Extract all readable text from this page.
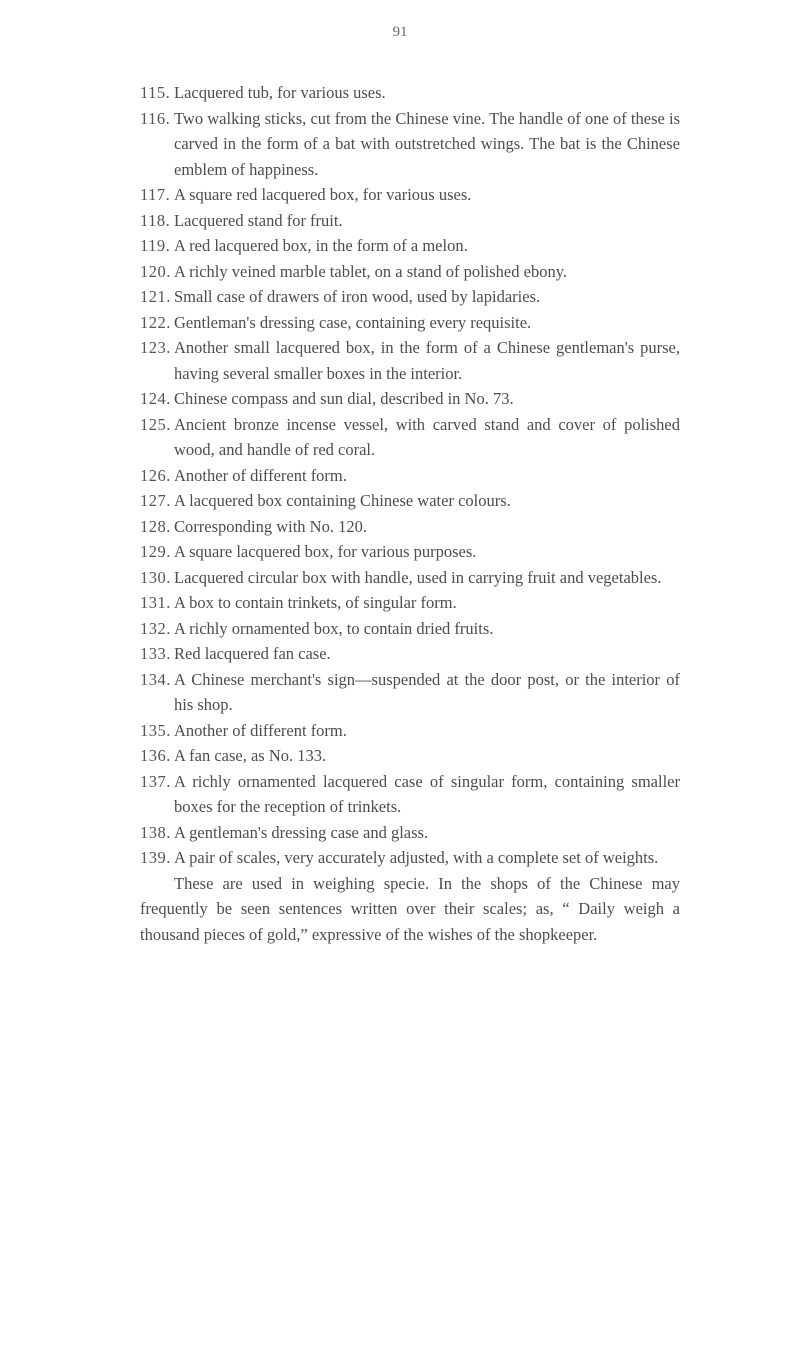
91

115. Lacquered tub, for various uses.

116. Two walking sticks, cut from the Chinese vine. The handle of one of these is carved in the form of a bat with outstretched wings. The bat is the Chinese emblem of happiness.

117. A square red lacquered box, for various uses.

118. Lacquered stand for fruit.

119. A red lacquered box, in the form of a melon.

120. A richly veined marble tablet, on a stand of polished ebony.

121. Small case of drawers of iron wood, used by lapidaries.

122. Gentleman's dressing case, containing every requisite.

123. Another small lacquered box, in the form of a Chinese gentleman's purse, having several smaller boxes in the interior.

124. Chinese compass and sun dial, described in No. 73.

125. Ancient bronze incense vessel, with carved stand and cover of polished wood, and handle of red coral.

126. Another of different form.

127. A lacquered box containing Chinese water colours.

128. Corresponding with No. 120.

129. A square lacquered box, for various purposes.

130. Lacquered circular box with handle, used in carrying fruit and vegetables.

131. A box to contain trinkets, of singular form.

132. A richly ornamented box, to contain dried fruits.

133. Red lacquered fan case.

134. A Chinese merchant's sign—suspended at the door post, or the interior of his shop.

135. Another of different form.

136. A fan case, as No. 133.

137. A richly ornamented lacquered case of singular form, containing smaller boxes for the reception of trinkets.

138. A gentleman's dressing case and glass.

139. A pair of scales, very accurately adjusted, with a complete set of weights.

These are used in weighing specie. In the shops of the Chinese may frequently be seen sentences written over their scales; as, “ Daily weigh a thousand pieces of gold,” expressive of the wishes of the shopkeeper.
